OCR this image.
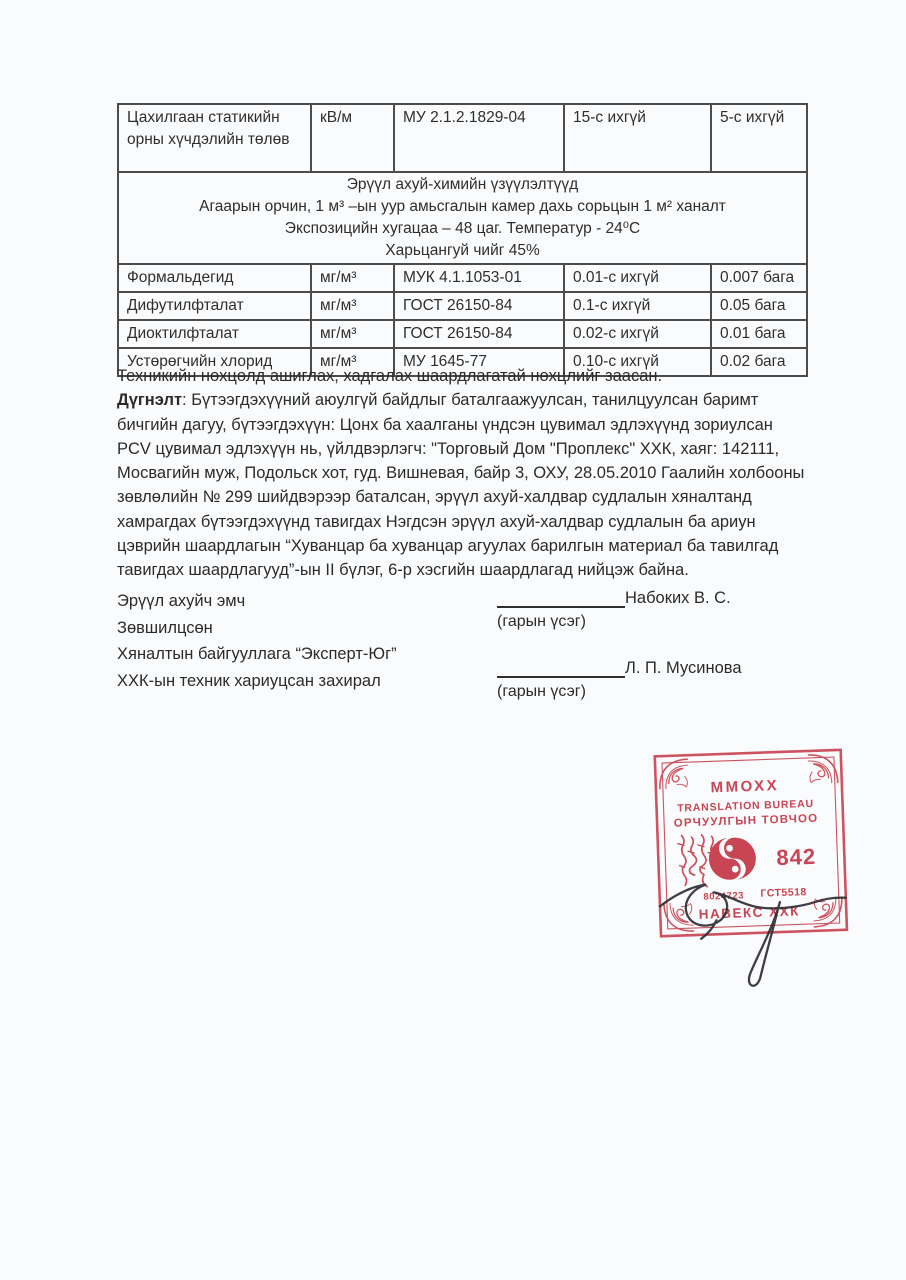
Цахилгаан статикийн орны хүчдэлийн төлөв	кВ/м	МУ 2.1.2.1829-04	15-с ихгүй	5-с ихгүй

Эрүүл ахуй-химийн үзүүлэлтүүд
Агаарын орчин, 1 м³ –ын уур амьсгалын камер дахь сорьцын 1 м² ханалт
Экспозицийн хугацаа – 48 цаг. Температур - 24⁰С
Харьцангуй чийг 45%				

Формальдегид	мг/м³	МУК 4.1.1053-01	0.01-с ихгүй	0.007 бага
Дифутилфталат	мг/м³	ГОСТ 26150-84	0.1-с ихгүй	0.05 бага
Диоктилфталат	мг/м³	ГОСТ 26150-84	0.02-с ихгүй	0.01 бага
Устөрөгчийн хлорид	мг/м³	МУ 1645-77	0.10-с ихгүй	0.02 бага

Техникийн нөхцөлд ашиглах, хадгалах шаардлагатай нөхцлийг заасан.

Дүгнэлт: Бүтээгдэхүүний аюулгүй байдлыг баталгаажуулсан, танилцуулсан баримт бичгийн дагуу, бүтээгдэхүүн: Цонх ба хаалганы үндсэн цувимал эдлэхүүнд зориулсан PCV цувимал эдлэхүүн нь, үйлдвэрлэгч: "Торговый Дом "Проплекс" ХХК, хаяг: 142111, Мосвагийн муж, Подольск хот, гуд. Вишневая, байр 3, ОХУ, 28.05.2010 Гаалийн холбооны зөвлөлийн № 299 шийдвэрээр баталсан, эрүүл ахуй-халдвар судлалын хяналтанд хамрагдах бүтээгдэхүүнд тавигдах Нэгдсэн эрүүл ахуй-халдвар судлалын ба ариун цэврийн шаардлагын “Хуванцар ба хуванцар агуулах барилгын материал ба тавилгад тавигдах шаардлагууд”-ын II бүлэг, 6-р хэсгийн шаардлагад нийцэж байна.

Эрүүл ахуйч эмч
Зөвшилцсөн
Хяналтын байгууллага “Эксперт-Юг”
ХХК-ын техник хариуцсан захирал
Набоких В. С.
(гарын үсэг)
Л. П. Мусинова
(гарын үсэг)
ММОХХ
TRANSLATION BUREAU
ОРЧУУЛГЫН ТОВЧОО
842
8024723 ГСТ5518
НАВЕКС ХХК
